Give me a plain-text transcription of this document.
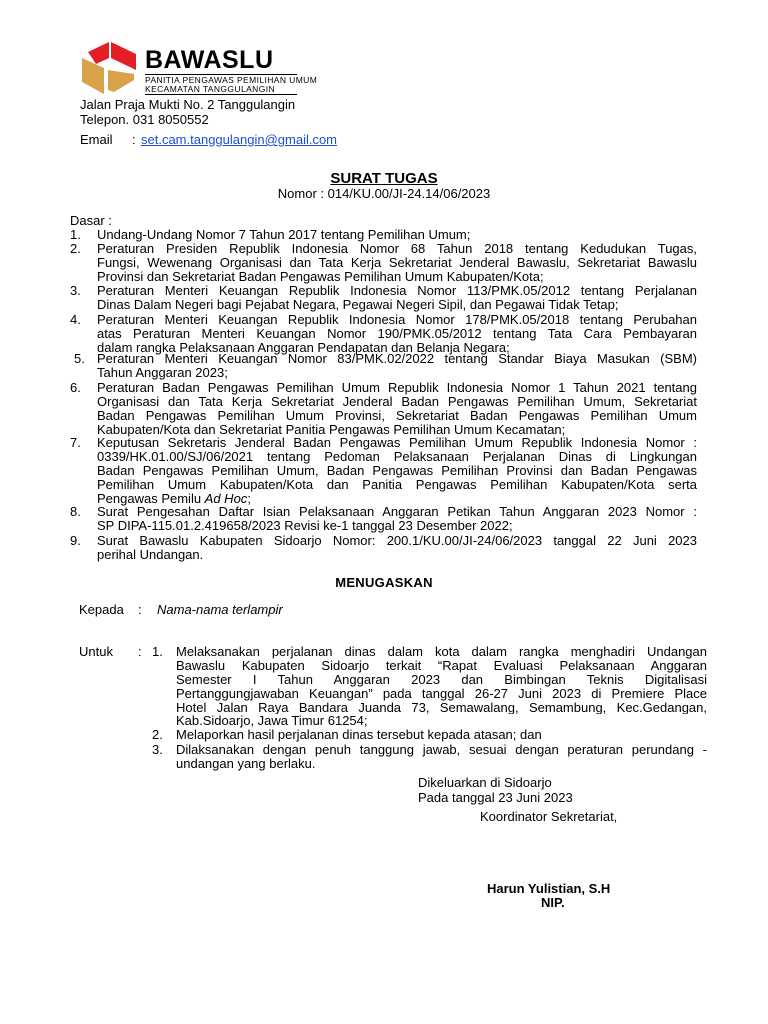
BAWASLU
PANITIA PENGAWAS PEMILIHAN UMUM
KECAMATAN TANGGULANGIN
Jalan Praja Mukti No. 2 Tanggulangin
Telepon. 031 8050552
Email : set.cam.tanggulangin@gmail.com
SURAT TUGAS
Nomor : 014/KU.00/JI-24.14/06/2023
Dasar :
1. Undang-Undang Nomor 7 Tahun 2017 tentang Pemilihan Umum;
2. Peraturan Presiden Republik Indonesia Nomor 68 Tahun 2018 tentang Kedudukan Tugas,
Fungsi, Wewenang Organisasi dan Tata Kerja Sekretariat Jenderal Bawaslu, Sekretariat Bawaslu
Provinsi dan Sekretariat Badan Pengawas Pemilihan Umum Kabupaten/Kota;
3. Peraturan Menteri Keuangan Republik Indonesia Nomor 113/PMK.05/2012 tentang Perjalanan
Dinas Dalam Negeri bagi Pejabat Negara, Pegawai Negeri Sipil, dan Pegawai Tidak Tetap;
4. Peraturan Menteri Keuangan Republik Indonesia Nomor 178/PMK.05/2018 tentang Perubahan
atas Peraturan Menteri Keuangan Nomor 190/PMK.05/2012 tentang Tata Cara Pembayaran
dalam rangka Pelaksanaan Anggaran Pendapatan dan Belanja Negara;
5. Peraturan Menteri Keuangan Nomor 83/PMK.02/2022 tentang Standar Biaya Masukan (SBM)
Tahun Anggaran 2023;
6. Peraturan Badan Pengawas Pemilihan Umum Republik Indonesia Nomor 1 Tahun 2021 tentang
Organisasi dan Tata Kerja Sekretariat Jenderal Badan Pengawas Pemilihan Umum, Sekretariat
Badan Pengawas Pemilihan Umum Provinsi, Sekretariat Badan Pengawas Pemilihan Umum
Kabupaten/Kota dan Sekretariat Panitia Pengawas Pemilihan Umum Kecamatan;
7. Keputusan Sekretaris Jenderal Badan Pengawas Pemilihan Umum Republik Indonesia Nomor :
0339/HK.01.00/SJ/06/2021 tentang Pedoman Pelaksanaan Perjalanan Dinas di Lingkungan
Badan Pengawas Pemilihan Umum, Badan Pengawas Pemilihan Provinsi dan Badan Pengawas
Pemilihan Umum Kabupaten/Kota dan Panitia Pengawas Pemilihan Kabupaten/Kota serta
Pengawas Pemilu Ad Hoc;
8. Surat Pengesahan Daftar Isian Pelaksanaan Anggaran Petikan Tahun Anggaran 2023 Nomor :
SP DIPA-115.01.2.419658/2023 Revisi ke-1 tanggal 23 Desember 2022;
9. Surat Bawaslu Kabupaten Sidoarjo Nomor: 200.1/KU.00/JI-24/06/2023 tanggal 22 Juni 2023
perihal Undangan.
MENUGASKAN
Kepada : Nama-nama terlampir
Untuk : 1. Melaksanakan perjalanan dinas dalam kota dalam rangka menghadiri Undangan
Bawaslu Kabupaten Sidoarjo terkait “Rapat Evaluasi Pelaksanaan Anggaran
Semester I Tahun Anggaran 2023 dan Bimbingan Teknis Digitalisasi
Pertanggungjawaban Keuangan” pada tanggal 26-27 Juni 2023 di Premiere Place
Hotel Jalan Raya Bandara Juanda 73, Semawalang, Semambung, Kec.Gedangan,
Kab.Sidoarjo, Jawa Timur 61254;
2. Melaporkan hasil perjalanan dinas tersebut kepada atasan; dan
3. Dilaksanakan dengan penuh tanggung jawab, sesuai dengan peraturan perundang -
undangan yang berlaku.
Dikeluarkan di Sidoarjo
Pada tanggal 23 Juni 2023
Koordinator Sekretariat,
Harun Yulistian, S.H
NIP.
